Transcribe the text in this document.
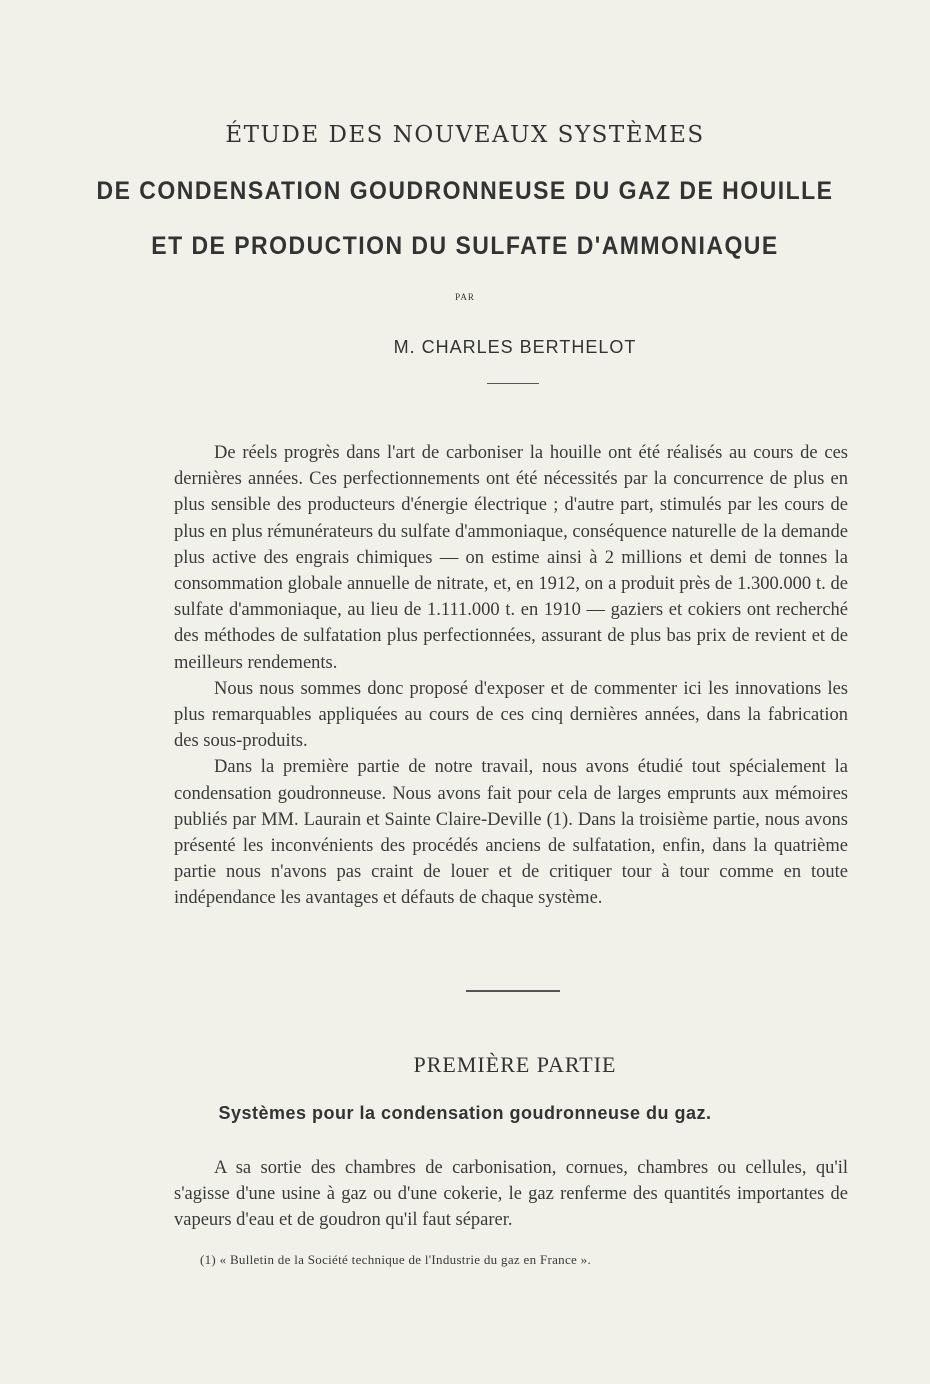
ÉTUDE DES NOUVEAUX SYSTÈMES
DE CONDENSATION GOUDRONNEUSE DU GAZ DE HOUILLE
ET DE PRODUCTION DU SULFATE D'AMMONIAQUE
PAR
M. CHARLES BERTHELOT

De réels progrès dans l'art de carboniser la houille ont été réalisés au cours de ces dernières années. Ces perfectionnements ont été nécessités par la concurrence de plus en plus sensible des producteurs d'énergie électrique ; d'autre part, stimulés par les cours de plus en plus rémunérateurs du sulfate d'ammoniaque, conséquence naturelle de la demande plus active des engrais chimiques — on estime ainsi à 2 millions et demi de tonnes la consommation globale annuelle de nitrate, et, en 1912, on a produit près de 1.300.000 t. de sulfate d'ammoniaque, au lieu de 1.111.000 t. en 1910 — gaziers et cokiers ont recherché des méthodes de sulfatation plus perfectionnées, assurant de plus bas prix de revient et de meilleurs rendements.

Nous nous sommes donc proposé d'exposer et de commenter ici les innovations les plus remarquables appliquées au cours de ces cinq dernières années, dans la fabrication des sous-produits.

Dans la première partie de notre travail, nous avons étudié tout spécialement la condensation goudronneuse. Nous avons fait pour cela de larges emprunts aux mémoires publiés par MM. Laurain et Sainte Claire-Deville (1). Dans la troisième partie, nous avons présenté les inconvénients des procédés anciens de sulfatation, enfin, dans la quatrième partie nous n'avons pas craint de louer et de critiquer tour à tour comme en toute indépendance les avantages et défauts de chaque système.

PREMIÈRE PARTIE
Systèmes pour la condensation goudronneuse du gaz.

A sa sortie des chambres de carbonisation, cornues, chambres ou cellules, qu'il s'agisse d'une usine à gaz ou d'une cokerie, le gaz renferme des quantités importantes de vapeurs d'eau et de goudron qu'il faut séparer.

(1) « Bulletin de la Société technique de l'Industrie du gaz en France ».
